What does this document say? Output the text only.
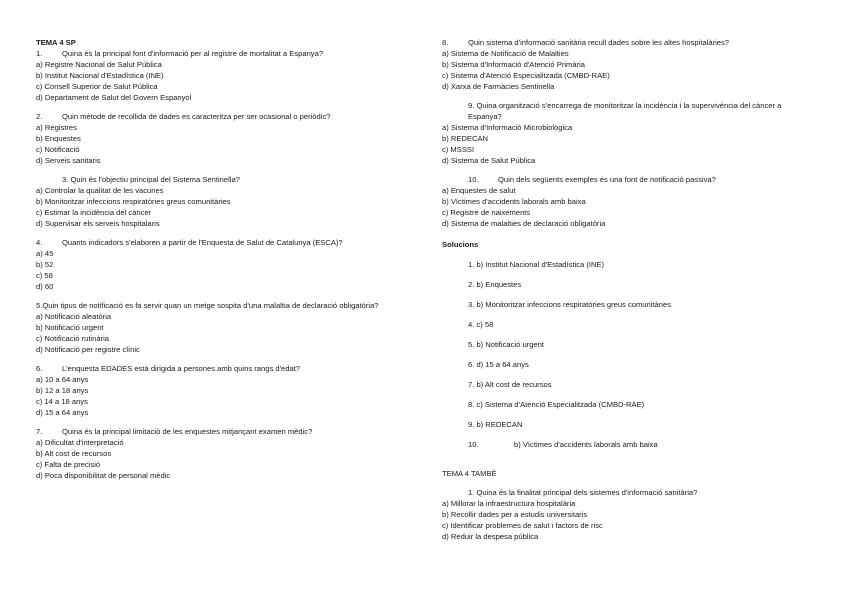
TEMA 4 SP
1.	Quina és la principal font d'informació per al registre de mortalitat a Espanya?
a) Registre Nacional de Salut Pública
b) Institut Nacional d'Estadística (INE)
c) Consell Superior de Salut Pública
d) Departament de Salut del Govern Espanyol
2.	Quin mètode de recollida de dades es caracteritza per ser ocasional o periòdic?
a) Registres
b) Enquestes
c) Notificació
d) Serveis sanitaris
3. Quin és l'objectiu principal del Sistema Sentinella?
a) Controlar la qualitat de les vacunes
b) Monitoritzar infeccions respiratòries greus comunitàries
c) Estimar la incidència del càncer
d) Supervisar els serveis hospitalaris
4.	Quants indicadors s'elaboren a partir de l'Enquesta de Salut de Catalunya (ESCA)?
a) 45
b) 52
c) 58
d) 60
5.Quin tipus de notificació es fa servir quan un metge sospita d'una malaltia de declaració obligatòria?
a) Notificació aleatòria
b) Notificació urgent
c) Notificació rutinària
d) Notificació per registre clínic
6.	L'enquesta EDADES està dirigida a persones amb quins rangs d'edat?
a) 10 a 64 anys
b) 12 a 18 anys
c) 14 a 18 anys
d) 15 a 64 anys
7.	Quina és la principal limitació de les enquestes mitjançant examen mèdic?
a) Dificultat d'interpretació
b) Alt cost de recursos
c) Falta de precisió
d) Poca disponibilitat de personal mèdic
8.	Quin sistema d'informació sanitària recull dades sobre les altes hospitalàries?
a) Sistema de Notificació de Malalties
b) Sistema d'Informació d'Atenció Primària
c) Sistema d'Atenció Especialitzada (CMBD-RAE)
d) Xarxa de Farmàcies Sentinella
9. Quina organització s'encarrega de monitoritzar la incidència i la supervivència del càncer a Espanya?
a) Sistema d'Informació Microbiològica
b) REDECAN
c) MSSSI
d) Sistema de Salut Pública
10.	Quin dels següents exemples és una font de notificació passiva?
a) Enquestes de salut
b) Víctimes d'accidents laborals amb baixa
c) Registre de naixements
d) Sistema de malalties de declaració obligatòria
Solucions
1. b) Institut Nacional d'Estadística (INE)
2. b) Enquestes
3. b) Monitoritzar infeccions respiratòries greus comunitàries
4. c) 58
5. b) Notificació urgent
6. d) 15 a 64 anys
7. b) Alt cost de recursos
8. c) Sistema d'Atenció Especialitzada (CMBD-RAE)
9. b) REDECAN
10.	b) Víctimes d'accidents laborals amb baixa
TEMA 4 TAMBÉ
1. Quina és la finalitat principal dels sistemes d'informació sanitària?
a) Millorar la infraestructura hospitalària
b) Recollir dades per a estudis universitaris
c) Identificar problemes de salut i factors de risc
d) Reduir la despesa pública
